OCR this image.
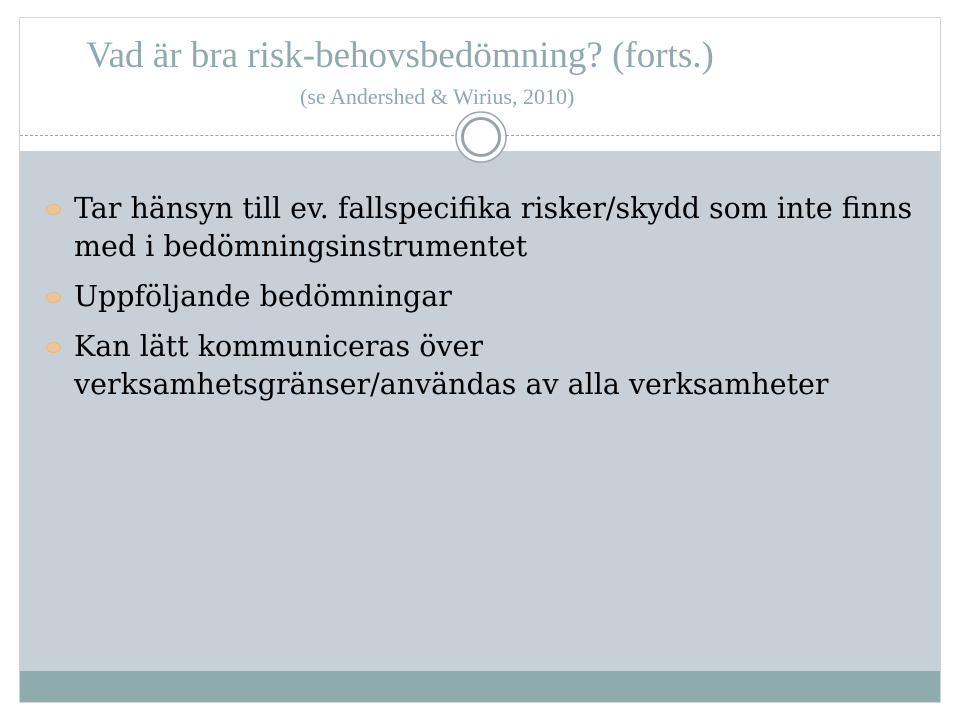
Vad är bra risk-behovsbedömning? (forts.)

(se Andershed & Wirius, 2010)

Tar hänsyn till ev. fallspecifika risker/skydd som inte finns med i bedömningsinstrumentet
Uppföljande bedömningar
Kan lätt kommuniceras över verksamhetsgränser/användas av alla verksamheter
